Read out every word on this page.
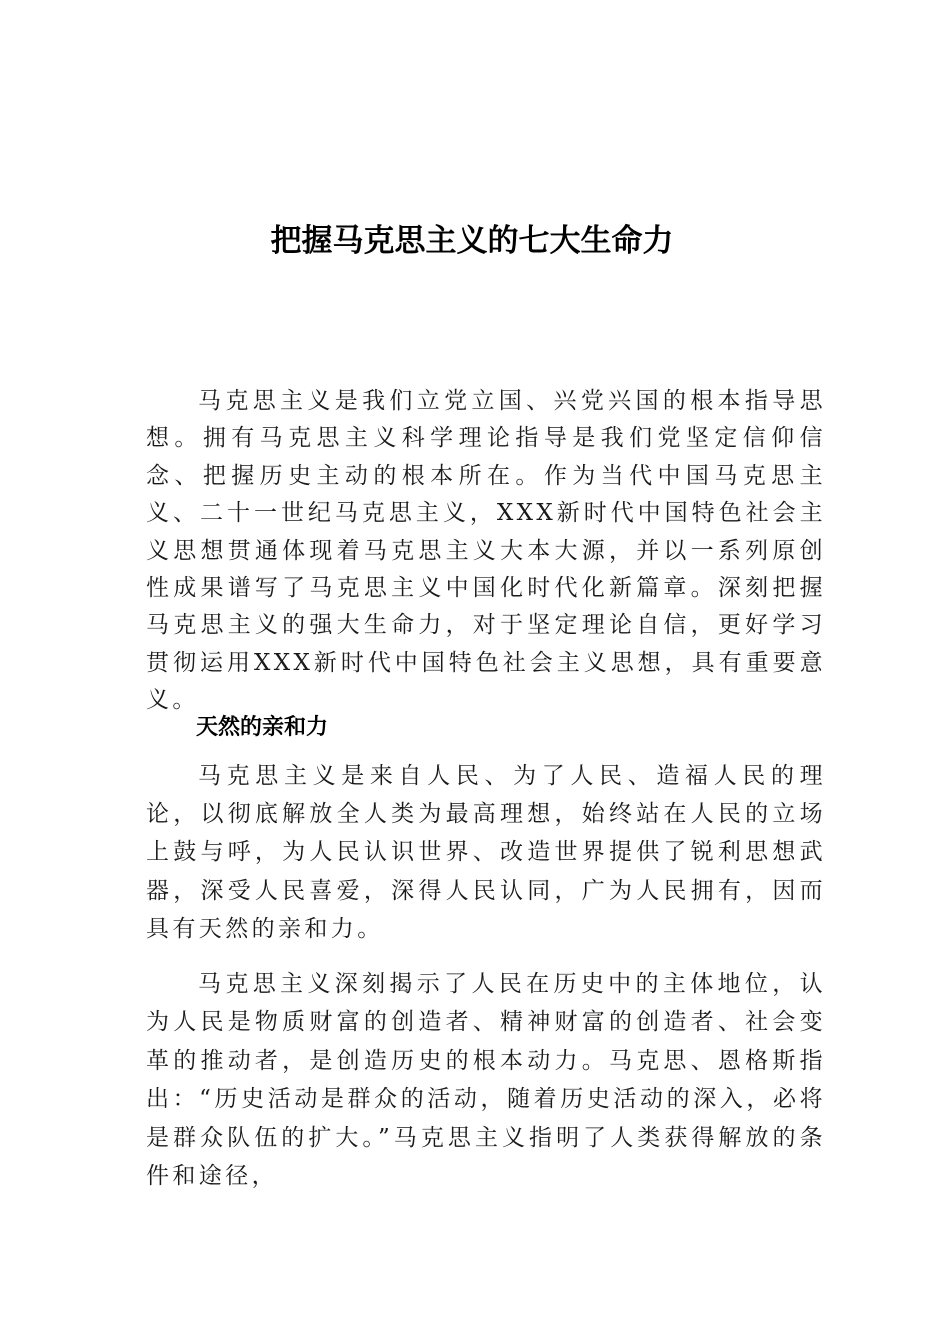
把握马克思主义的七大生命力

马克思主义是我们立党立国、兴党兴国的根本指导思想。拥有马克思主义科学理论指导是我们党坚定信仰信念、把握历史主动的根本所在。作为当代中国马克思主义、二十一世纪马克思主义，XXX新时代中国特色社会主义思想贯通体现着马克思主义大本大源，并以一系列原创性成果谱写了马克思主义中国化时代化新篇章。深刻把握马克思主义的强大生命力，对于坚定理论自信，更好学习贯彻运用XXX新时代中国特色社会主义思想，具有重要意义。

天然的亲和力

马克思主义是来自人民、为了人民、造福人民的理论，以彻底解放全人类为最高理想，始终站在人民的立场上鼓与呼，为人民认识世界、改造世界提供了锐利思想武器，深受人民喜爱，深得人民认同，广为人民拥有，因而具有天然的亲和力。

马克思主义深刻揭示了人民在历史中的主体地位，认为人民是物质财富的创造者、精神财富的创造者、社会变革的推动者，是创造历史的根本动力。马克思、恩格斯指出：“历史活动是群众的活动，随着历史活动的深入，必将是群众队伍的扩大。”马克思主义指明了人类获得解放的条件和途径，
